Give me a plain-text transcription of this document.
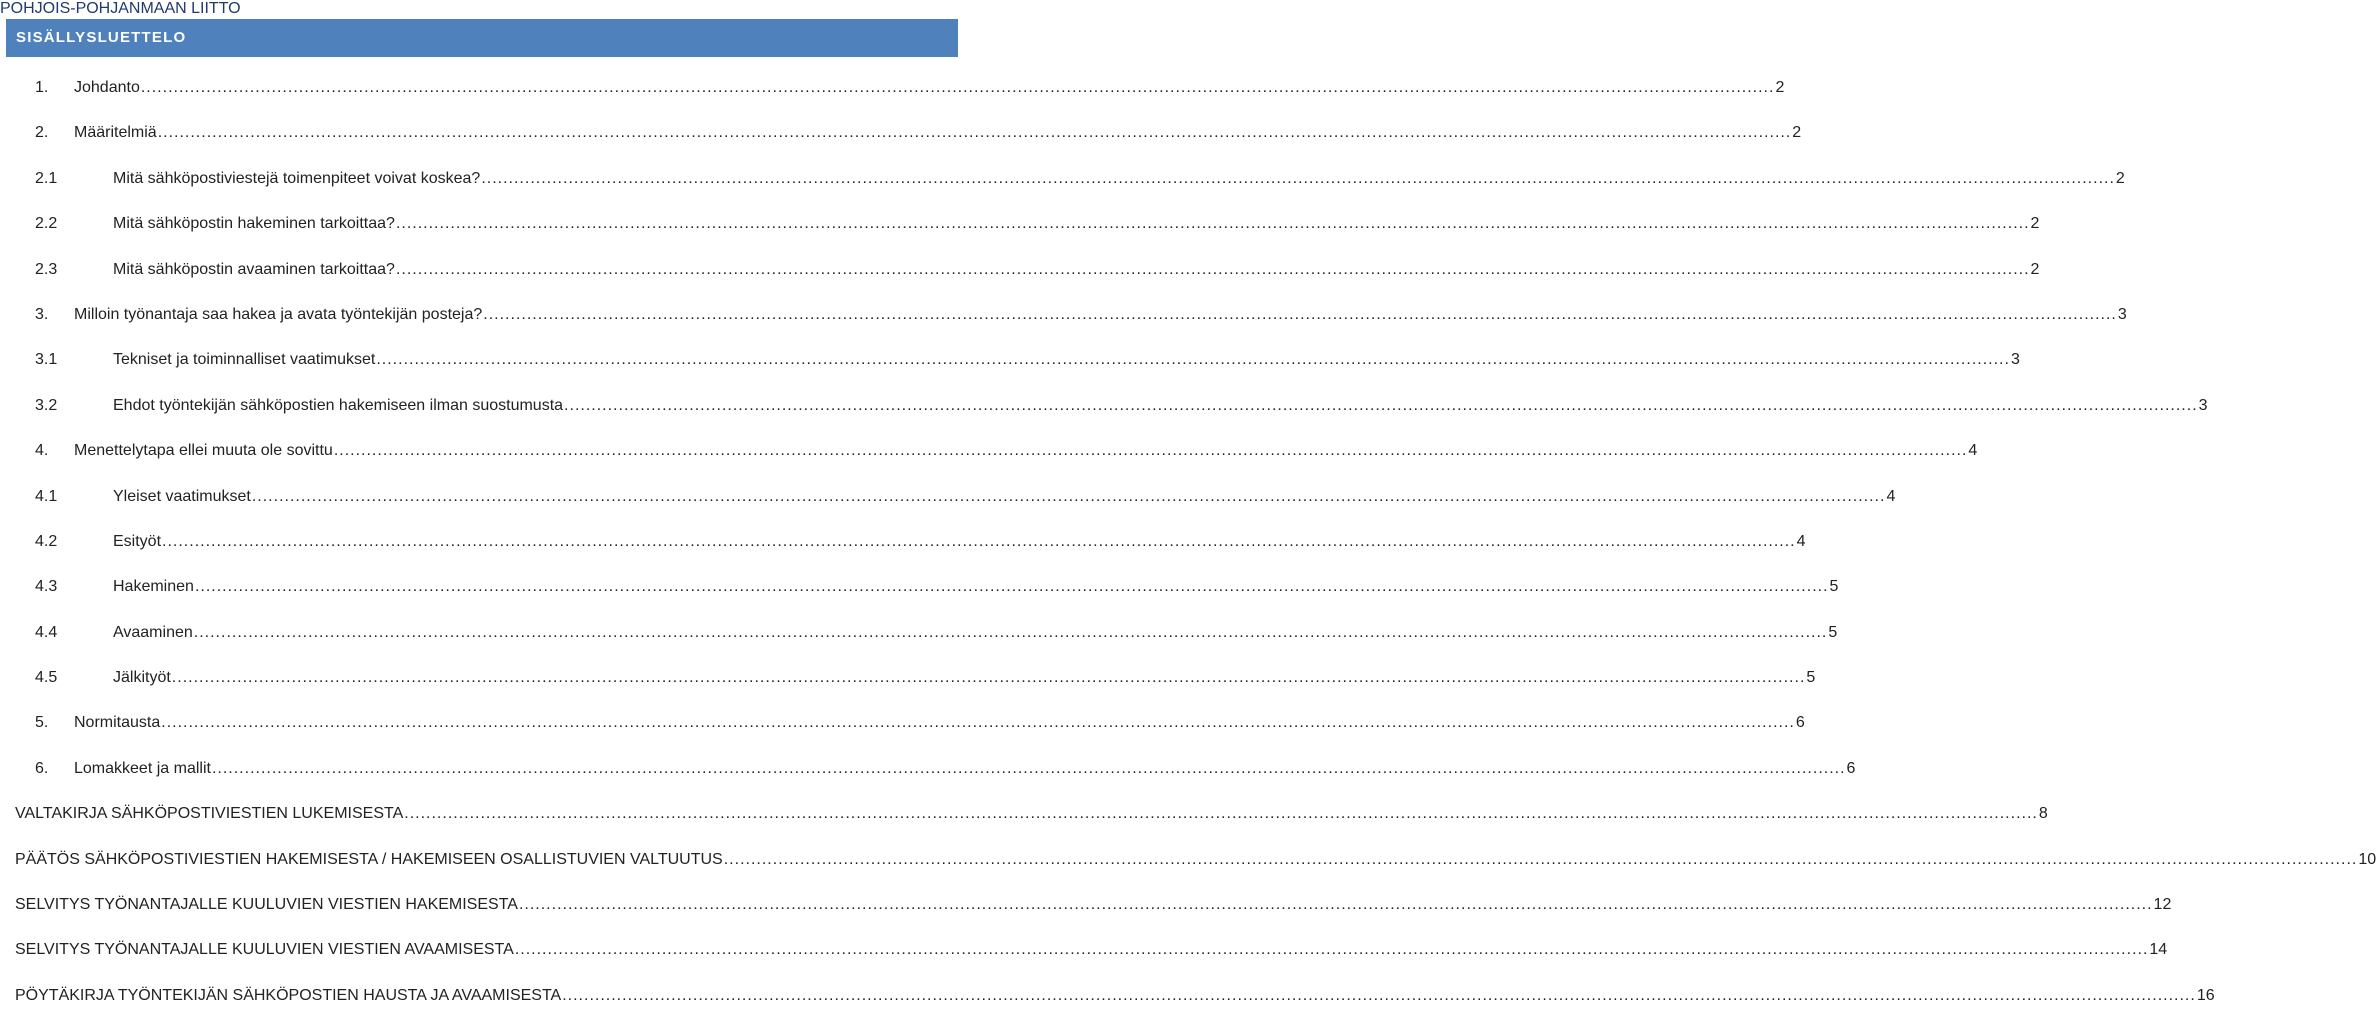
POHJOIS-POHJANMAAN LIITTO
SISÄLLYSLUETTELO
1.	Johdanto .....	2
2.	Määritelmiä .....	2
2.1	Mitä sähköpostiviestejä toimenpiteet voivat koskea? .....	2
2.2	Mitä sähköpostin hakeminen tarkoittaa? .....	2
2.3	Mitä sähköpostin avaaminen tarkoittaa? .....	2
3.	Milloin työnantaja saa hakea ja avata työntekijän posteja? .....	3
3.1	Tekniset ja toiminnalliset vaatimukset .....	3
3.2	Ehdot työntekijän sähköpostien hakemiseen ilman suostumusta .....	3
4.	Menettelytapa ellei muuta ole sovittu .....	4
4.1	Yleiset vaatimukset .....	4
4.2	Esityöt .....	4
4.3	Hakeminen .....	5
4.4	Avaaminen .....	5
4.5	Jälkityöt .....	5
5.	Normitausta .....	6
6.	Lomakkeet ja mallit .....	6
VALTAKIRJA SÄHKÖPOSTIVIESTIEN LUKEMISESTA .....	8
PÄÄTÖS SÄHKÖPOSTIVIESTIEN HAKEMISESTA / HAKEMISEEN OSALLISTUVIEN VALTUUTUS .....	10
SELVITYS TYÖNANTAJALLE KUULUVIEN VIESTIEN HAKEMISESTA .....	12
SELVITYS TYÖNANTAJALLE KUULUVIEN VIESTIEN AVAAMISESTA .....	14
PÖYTÄKIRJA TYÖNTEKIJÄN SÄHKÖPOSTIEN HAUSTA JA AVAAMISESTA .....	16
